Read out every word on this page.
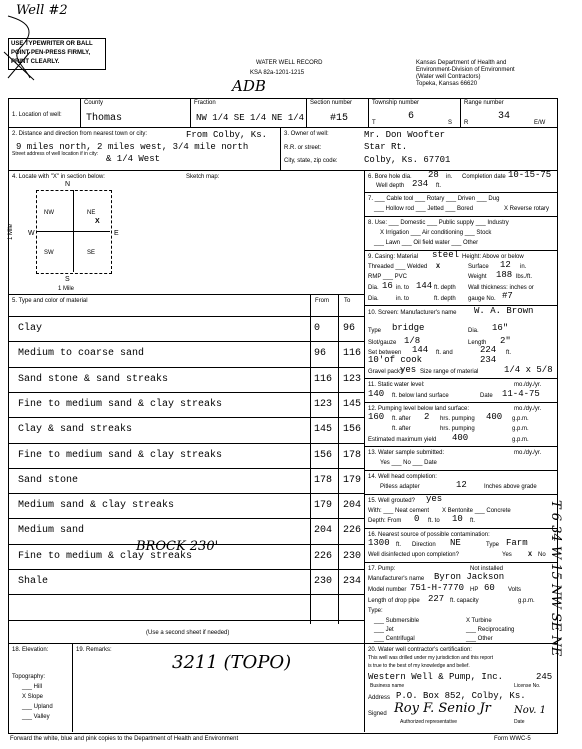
Well #2
USE TYPEWRITER OR BALL
POINT PEN-PRESS FIRMLY,
PRINT CLEARLY.	WATER WELL RECORD
KSA 82a-1201-1215
ADB
Kansas Department of Health and
Environment-Division of Environment
(Water well Contractors)
Topeka, Kansas 66620
1. Location of well:
County
Thomas
Fraction
NW 1/4 SE 1/4 NE 1/4
Section number
#15
Township number
T
6
S
Range number
R
34
E/W
2. Distance and direction from nearest town or city:	From Colby, Ks.
9 miles north, 2 miles west, 3/4 mile north
Street address of well location if in city: & 1/4 West
3. Owner of well:	Mr. Don Woofter
R.R. or street:	Star Rt.
City, state, zip code:	Colby, Ks. 67701
4. Locate with "X" in section below:	Sketch map:
N
S
W	E
1 Mile
1 Mile
NW	NE
SW	SE
X
5. Type and color of material	From	To
Clay	0 96
Medium to coarse sand	96 116
Sand stone & sand streaks	116 123
Fine to medium sand & clay streaks	123 145
Clay & sand streaks	145 156
Fine to medium sand & clay streaks	156 178
Sand stone	178 179
Medium sand & clay streaks	179 204
Medium sand	204 226
Fine to medium & clay streaks	226 230
Shale	230 234
(Use a second sheet if needed)
BROCK 230'
18. Elevation:
Topography:
___ Hill
X Slope
___ Upland
___ Valley
19. Remarks:
3211 (TOPO)
6. Bore hole dia. 28 in. Completion date 10-15-75
Well depth 234 ft.
7. ___ Cable tool ___ Rotary ___ Driven ___ Dug
___ Hollow rod ___ Jetted ___ Bored	X Reverse rotary
8. Use: ___ Domestic ___ Public supply ___ Industry
X Irrigation ___ Air conditioning ___ Stock
___ Lawn ___ Oil field water ___ Other
9. Casing: Material steel Height: Above or below
Threaded ___ Welded X	Surface 12 in.
RMP ___ PVC	Weight 188 lbs./ft.
Dia. 16 in. to 144 ft. depth Wall thickness: inches or
Dia.	in. to	ft. depth gauge No. #7
10. Screen: Manufacturer's name W. A. Brown
Type bridge	Dia. 16"
Slot/gauze 1/8	Length 2"
Set between 144 ft. and	224 ft.
10'of cook	234
Gravel pack?
yes Size range of material	1/4 x 5/8
11. Static water level:	mo./dy./yr.
140 ft. below land surface	Date 11-4-75
12. Pumping level below land surface:	mo./dy./yr.
160 ft. after 2 hrs. pumping 400 g.p.m.
ft. after	hrs. pumping	g.p.m.
Estimated maximum yield 400	g.p.m.
13. Water sample submitted:	mo./dy./yr.
Yes ___ No ___ Date
14. Well head completion:
Pitless adapter	12	Inches above grade
15. Well grouted? yes
With: ___ Neat cement X Bentonite ___ Concrete
Depth: From 0 ft. to 10 ft.
16. Nearest source of possible contamination:
1300 ft. Direction NE	Type Farm
Well disinfected upon completion?	Yes	X No
17. Pump:	Not installed
Manufacturer's name Byron Jackson
Model number 751-H-7770 HP 60 Volts
Length of drop pipe 227 ft. capacity	g.p.m.
Type:
___ Submersible	X Turbine
___ Jet	___ Reciprocating
___ Centrifugal	___ Other
20. Water well contractor's certification:
This well was drilled under my jurisdiction and this report
is true to the best of my knowledge and belief.
Western Well & Pump, Inc.	245
Business name	License No.
Address P.O. Box 852, Colby, Ks.
Signed Roy F. Senio Jr Nov. 1
Authorized representative	Date
T 6 34 W 15 NW SE NE
Forward the white, blue and pink copies to the Department of Health and Environment	Form WWC-5
